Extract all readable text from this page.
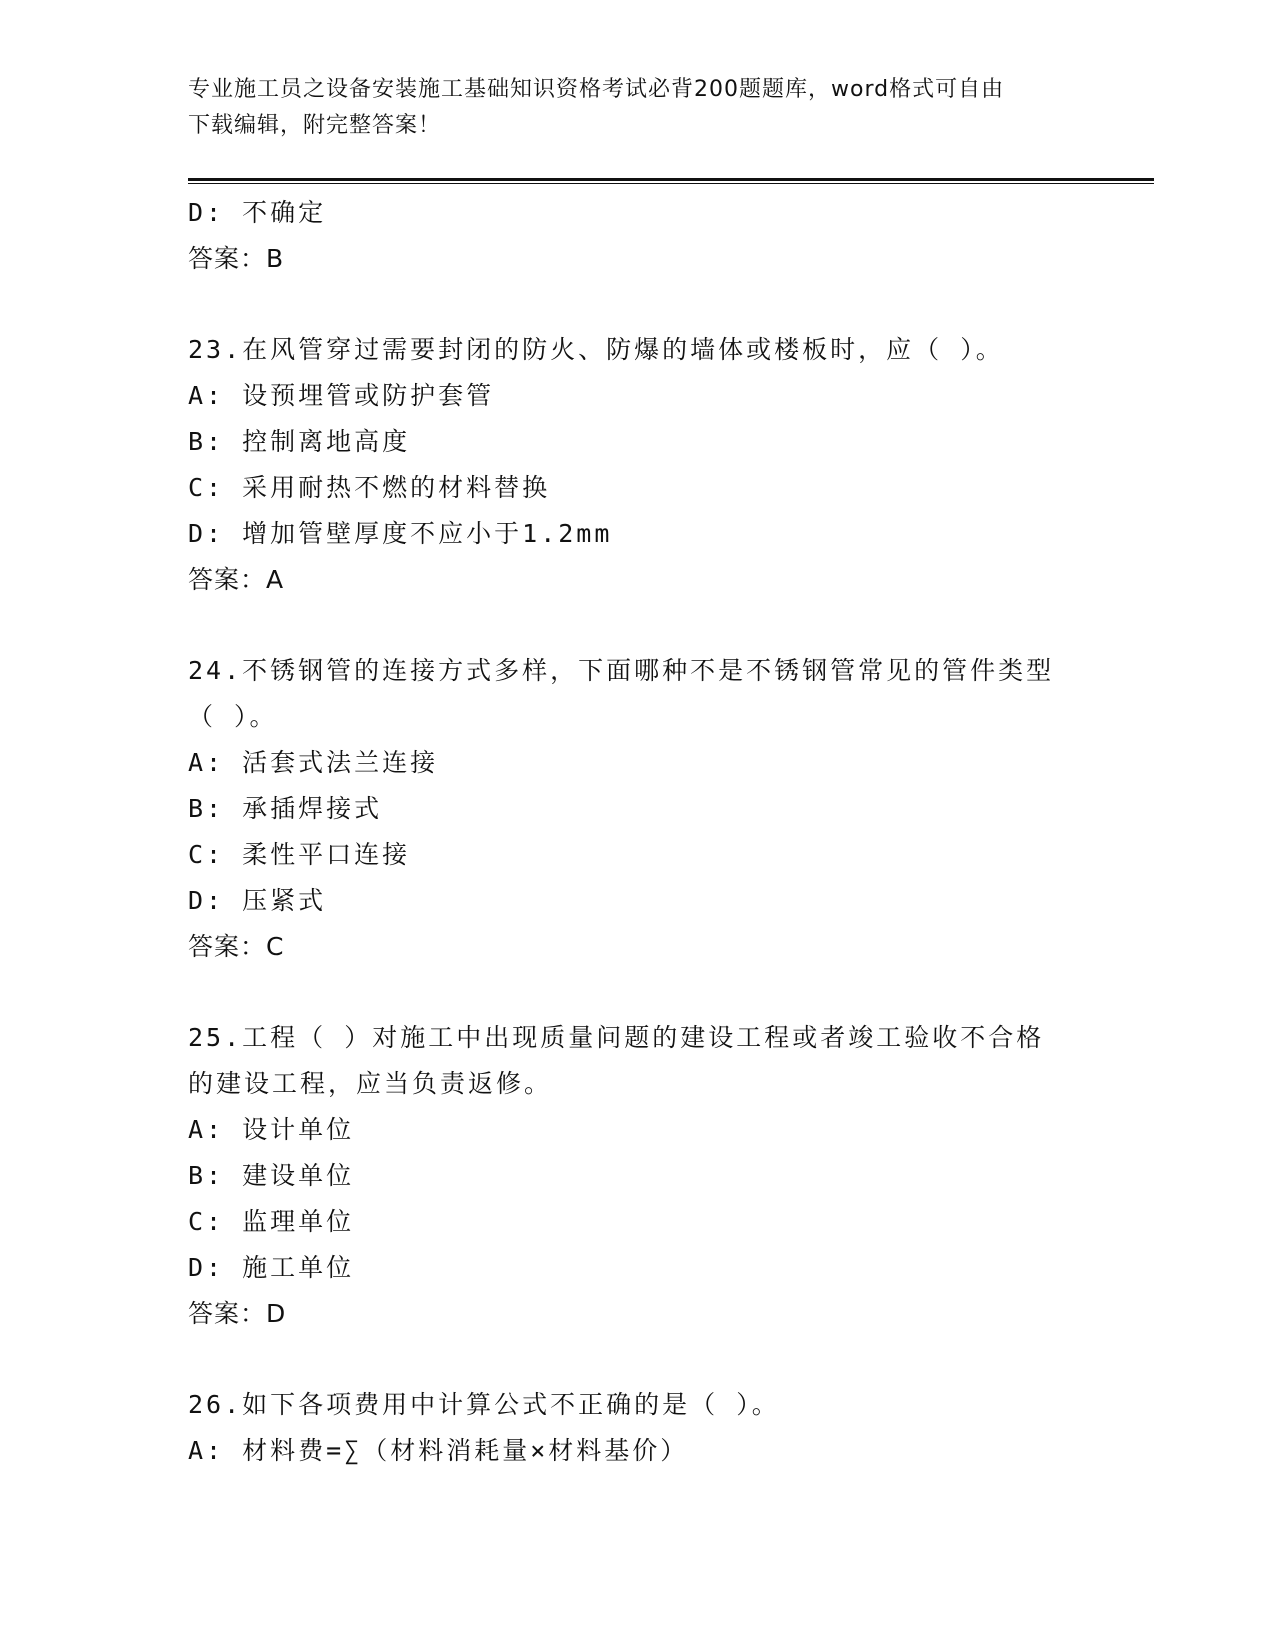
专业施工员之设备安装施工基础知识资格考试必背200题题库，word格式可自由
下载编辑，附完整答案！
D: 不确定
答案：B
23.在风管穿过需要封闭的防火、防爆的墙体或楼板时，应（ ）。
A: 设预埋管或防护套管
B: 控制离地高度
C: 采用耐热不燃的材料替换
D: 增加管壁厚度不应小于1.2mm
答案：A
24.不锈钢管的连接方式多样，下面哪种不是不锈钢管常见的管件类型
（ ）。
A: 活套式法兰连接
B: 承插焊接式
C: 柔性平口连接
D: 压紧式
答案：C
25.工程（ ）对施工中出现质量问题的建设工程或者竣工验收不合格
的建设工程，应当负责返修。
A: 设计单位
B: 建设单位
C: 监理单位
D: 施工单位
答案：D
26.如下各项费用中计算公式不正确的是（ ）。
A: 材料费=∑（材料消耗量×材料基价）
